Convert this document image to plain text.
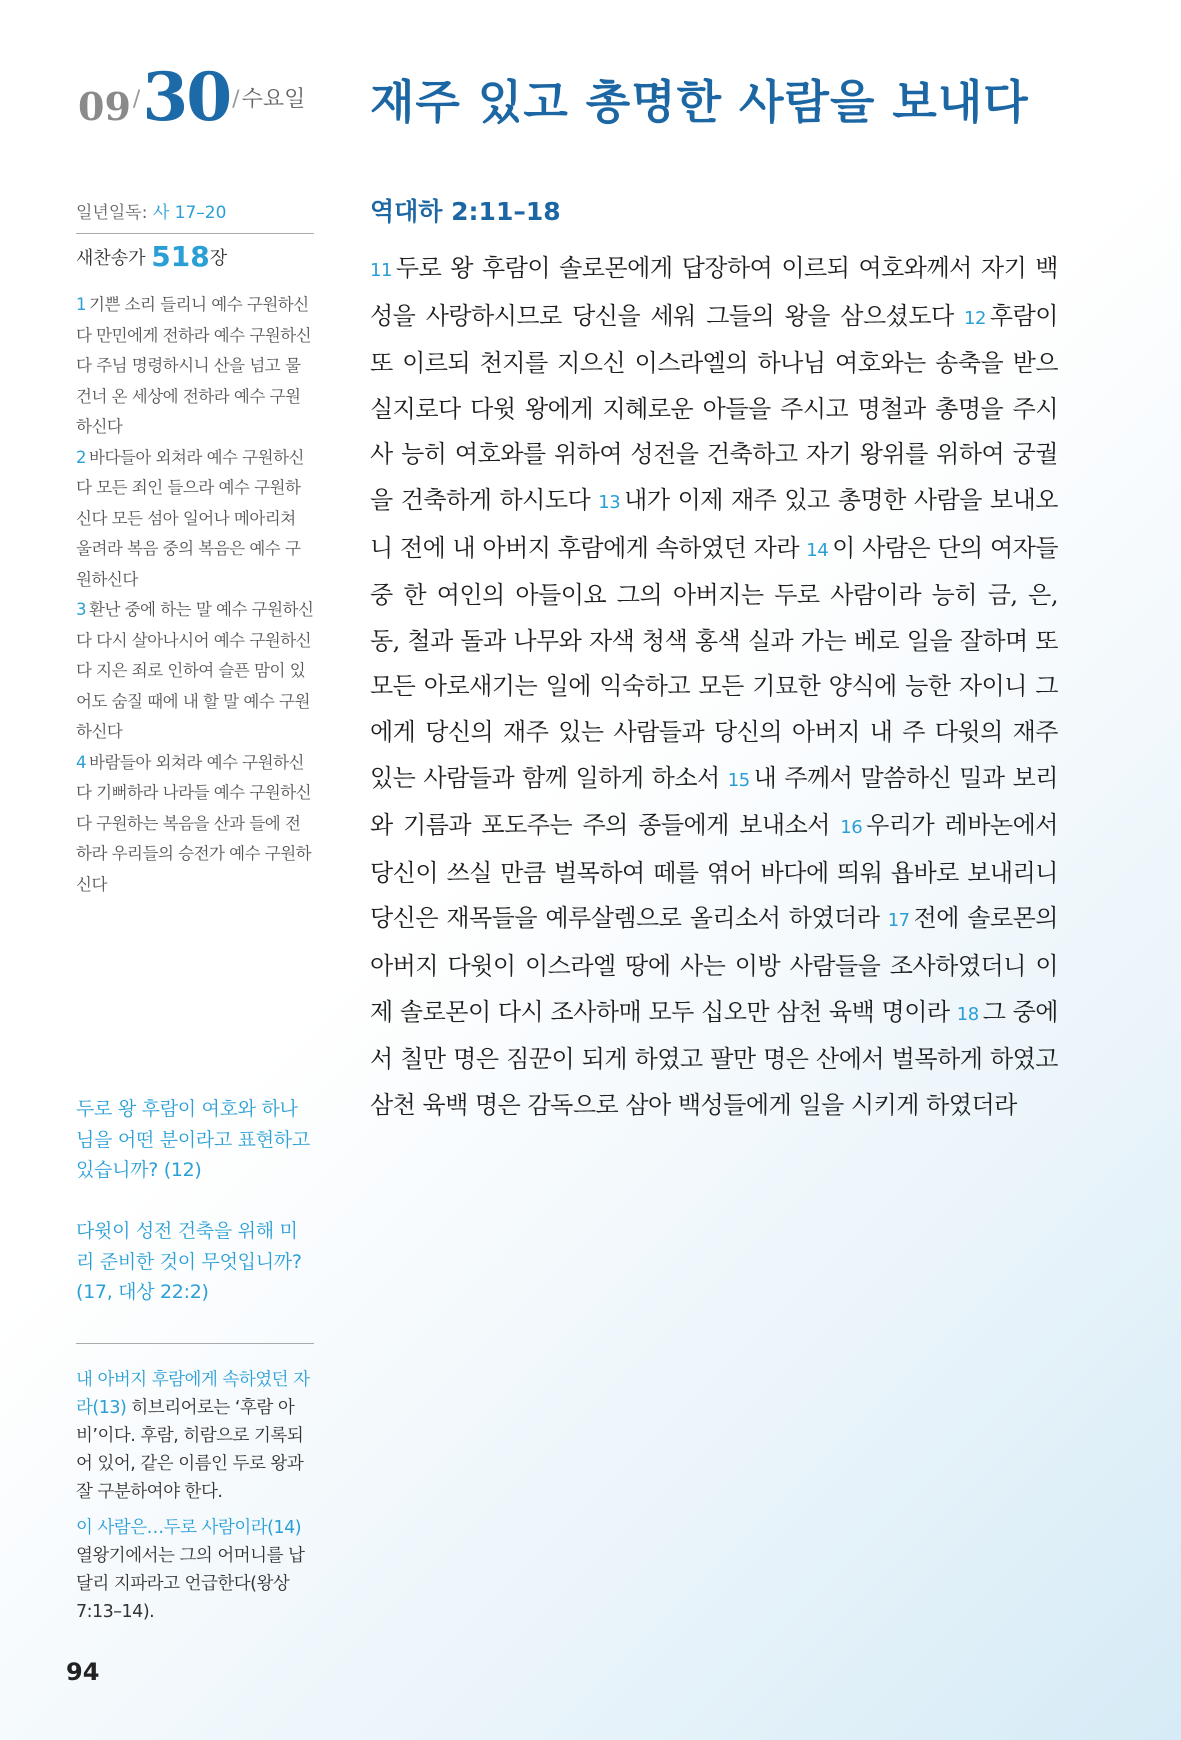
09/30/수요일 재주 있고 총명한 사람을 보내다
일년일독: 사 17–20
새찬송가 518장

1 기쁜 소리 들리니 예수 구원하신다 만민에게 전하라 예수 구원하신다 주님 명령하시니 산을 넘고 물 건너 온 세상에 전하라 예수 구원하신다

2 바다들아 외쳐라 예수 구원하신다 모든 죄인 들으라 예수 구원하신다 모든 섬아 일어나 메아리쳐 울려라 복음 중의 복음은 예수 구원하신다

3 환난 중에 하는 말 예수 구원하신다 다시 살아나시어 예수 구원하신다 지은 죄로 인하여 슬픈 맘이 있어도 숨질 때에 내 할 말 예수 구원하신다

4 바람들아 외쳐라 예수 구원하신다 기뻐하라 나라들 예수 구원하신다 구원하는 복음을 산과 들에 전하라 우리들의 승전가 예수 구원하신다

두로 왕 후람이 여호와 하나님을 어떤 분이라고 표현하고 있습니까? (12)
다윗이 성전 건축을 위해 미리 준비한 것이 무엇입니까? (17, 대상 22:2)

내 아버지 후람에게 속하였던 자라(13) 히브리어로는 ‘후람 아비’이다. 후람, 히람으로 기록되어 있어, 같은 이름인 두로 왕과 잘 구분하여야 한다.

이 사람은…두로 사람이라(14) 열왕기에서는 그의 어머니를 납달리 지파라고 언급한다(왕상 7:13–14).

역대하 2:11–18

11 두로 왕 후람이 솔로몬에게 답장하여 이르되 여호와께서 자기 백성을 사랑하시므로 당신을 세워 그들의 왕을 삼으셨도다 12 후람이 또 이르되 천지를 지으신 이스라엘의 하나님 여호와는 송축을 받으실지로다 다윗 왕에게 지혜로운 아들을 주시고 명철과 총명을 주시사 능히 여호와를 위하여 성전을 건축하고 자기 왕위를 위하여 궁궐을 건축하게 하시도다 13 내가 이제 재주 있고 총명한 사람을 보내오니 전에 내 아버지 후람에게 속하였던 자라 14 이 사람은 단의 여자들 중 한 여인의 아들이요 그의 아버지는 두로 사람이라 능히 금, 은, 동, 철과 돌과 나무와 자색 청색 홍색 실과 가는 베로 일을 잘하며 또 모든 아로새기는 일에 익숙하고 모든 기묘한 양식에 능한 자이니 그에게 당신의 재주 있는 사람들과 당신의 아버지 내 주 다윗의 재주 있는 사람들과 함께 일하게 하소서 15 내 주께서 말씀하신 밀과 보리와 기름과 포도주는 주의 종들에게 보내소서 16 우리가 레바논에서 당신이 쓰실 만큼 벌목하여 떼를 엮어 바다에 띄워 욥바로 보내리니 당신은 재목들을 예루살렘으로 올리소서 하였더라 17 전에 솔로몬의 아버지 다윗이 이스라엘 땅에 사는 이방 사람들을 조사하였더니 이제 솔로몬이 다시 조사하매 모두 십오만 삼천 육백 명이라 18 그 중에서 칠만 명은 짐꾼이 되게 하였고 팔만 명은 산에서 벌목하게 하였고 삼천 육백 명은 감독으로 삼아 백성들에게 일을 시키게 하였더라

94
